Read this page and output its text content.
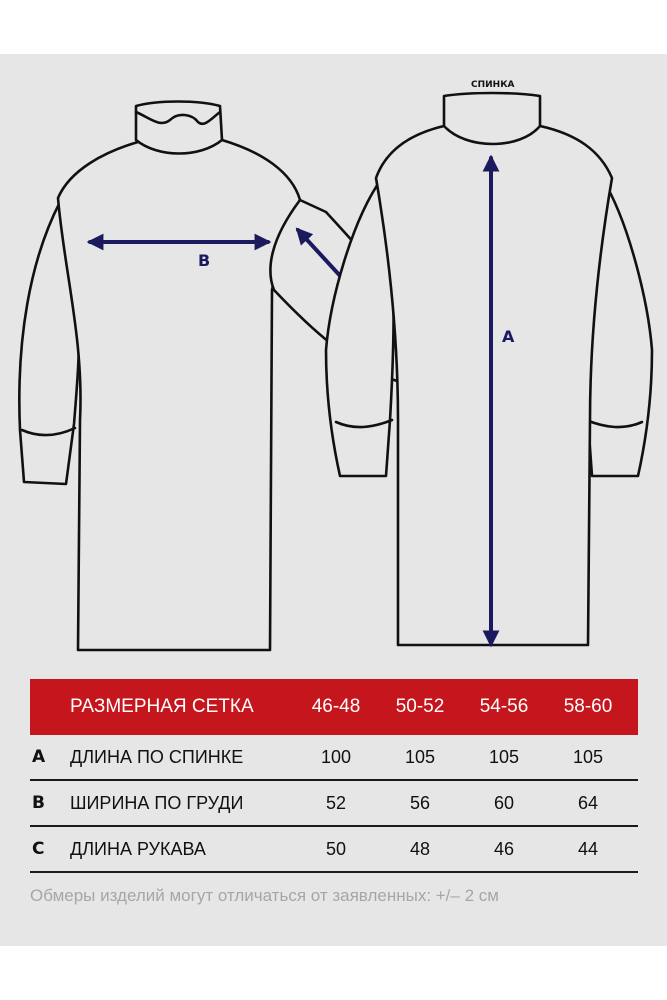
B
СПИНКА
A
РАЗМЕРНАЯ СЕТКА	46-48	50-52	54-56	58-60
A	ДЛИНА ПО СПИНКЕ	100	105	105	105
B	ШИРИНА ПО ГРУДИ	52	56	60	64
C	ДЛИНА РУКАВА	50	48	46	44
Обмеры изделий могут отличаться от заявленных: +/– 2 см
